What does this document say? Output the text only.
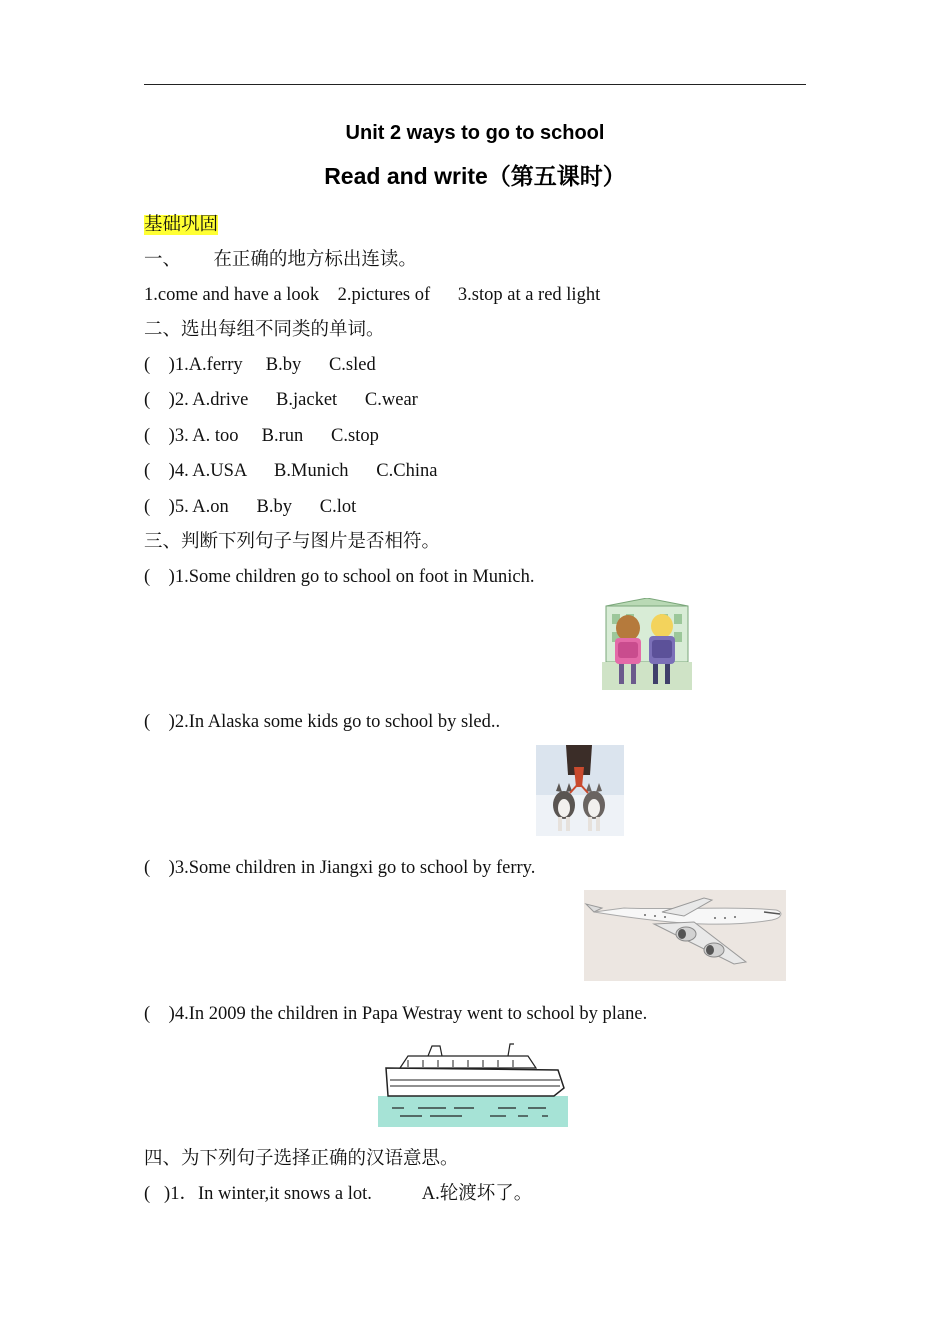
Unit 2 ways to go to school
Read and write（第五课时）
基础巩固
一、       在正确的地方标出连读。
1.come and have a look    2.pictures of      3.stop at a red light
二、选出每组不同类的单词。
(    )1.A.ferry     B.by      C.sled
(    )2. A.drive      B.jacket      C.wear
(    )3. A. too     B.run      C.stop
(    )4. A.USA      B.Munich      C.China
(    )5. A.on      B.by      C.lot
三、判断下列句子与图片是否相符。
(    )1.Some children go to school on foot in Munich.
(    )2.In Alaska some kids go to school by sled..
(    )3.Some children in Jiangxi go to school by ferry.
(    )4.In 2009 the children in Papa Westray went to school by plane.
四、为下列句子选择正确的汉语意思。
(   )1．In winter,it snows a lot.           A.轮渡坏了。
